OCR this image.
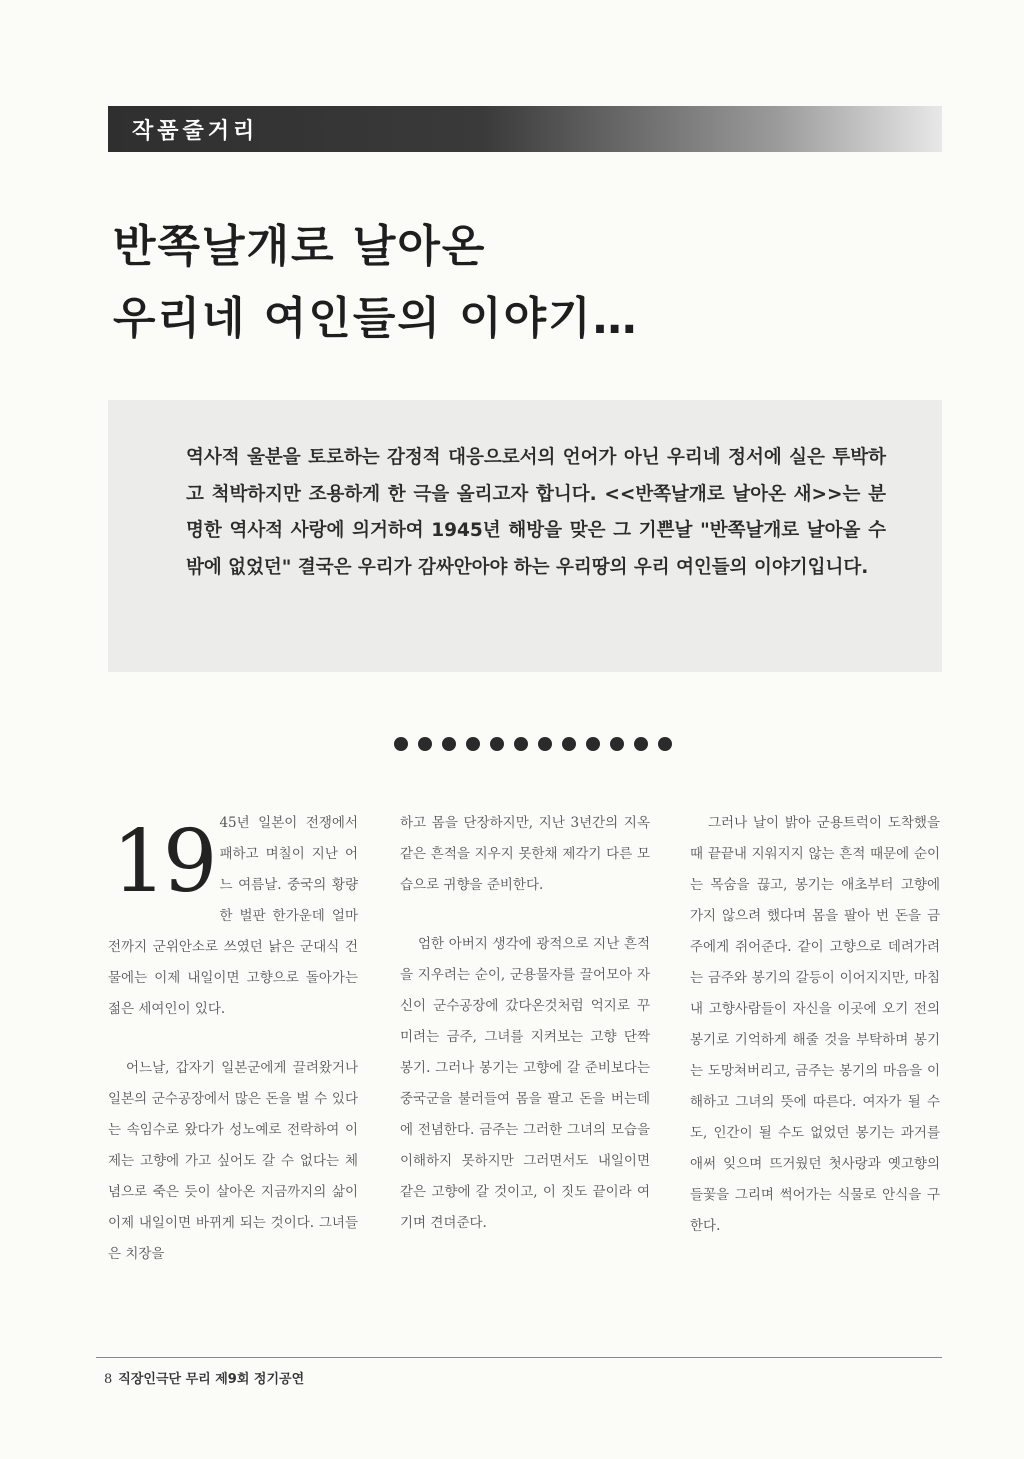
작품줄거리
반쪽날개로 날아온
우리네 여인들의 이야기…
역사적 울분을 토로하는 감정적 대응으로서의 언어가 아닌 우리네 정서에 실은 투박하고 척박하지만 조용하게 한 극을 올리고자 합니다. <<반쪽날개로 날아온 새>>는 분명한 역사적 사랑에 의거하여 1945년 해방을 맞은 그 기쁜날 "반쪽날개로 날아올 수 밖에 없었던" 결국은 우리가 감싸안아야 하는 우리땅의 우리 여인들의 이야기입니다.

19 45년 일본이 전쟁에서 패하고 며칠이 지난 어느 여름날. 중국의 황량한 벌판 한가운데 얼마전까지 군위안소로 쓰였던 낡은 군대식 건물에는 이제 내일이면 고향으로 돌아가는 젊은 세여인이 있다.

어느날, 갑자기 일본군에게 끌려왔거나 일본의 군수공장에서 많은 돈을 벌 수 있다는 속임수로 왔다가 성노예로 전락하여 이제는 고향에 가고 싶어도 갈 수 없다는 체념으로 죽은 듯이 살아온 지금까지의 삶이 이제 내일이면 바뀌게 되는 것이다. 그녀들은 치장을

하고 몸을 단장하지만, 지난 3년간의 지옥같은 흔적을 지우지 못한채 제각기 다른 모습으로 귀향을 준비한다.

엄한 아버지 생각에 광적으로 지난 흔적을 지우려는 순이, 군용물자를 끌어모아 자신이 군수공장에 갔다온것처럼 억지로 꾸미려는 금주, 그녀를 지켜보는 고향 단짝 봉기. 그러나 봉기는 고향에 갈 준비보다는 중국군을 불러들여 몸을 팔고 돈을 버는데에 전념한다. 금주는 그러한 그녀의 모습을 이해하지 못하지만 그러면서도 내일이면 같은 고향에 갈 것이고, 이 짓도 끝이라 여기며 견뎌준다.

그러나 날이 밝아 군용트럭이 도착했을 때 끝끝내 지워지지 않는 흔적 때문에 순이는 목숨을 끊고, 봉기는 애초부터 고향에 가지 않으려 했다며 몸을 팔아 번 돈을 금주에게 쥐어준다. 같이 고향으로 데려가려는 금주와 봉기의 갈등이 이어지지만, 마침내 고향사람들이 자신을 이곳에 오기 전의 봉기로 기억하게 해줄 것을 부탁하며 봉기는 도망쳐버리고, 금주는 봉기의 마음을 이해하고 그녀의 뜻에 따른다. 여자가 될 수도, 인간이 될 수도 없었던 봉기는 과거를 애써 잊으며 뜨거웠던 첫사랑과 옛고향의 들꽃을 그리며 썩어가는 식물로 안식을 구한다.

8 직장인극단 무리 제9회 정기공연
